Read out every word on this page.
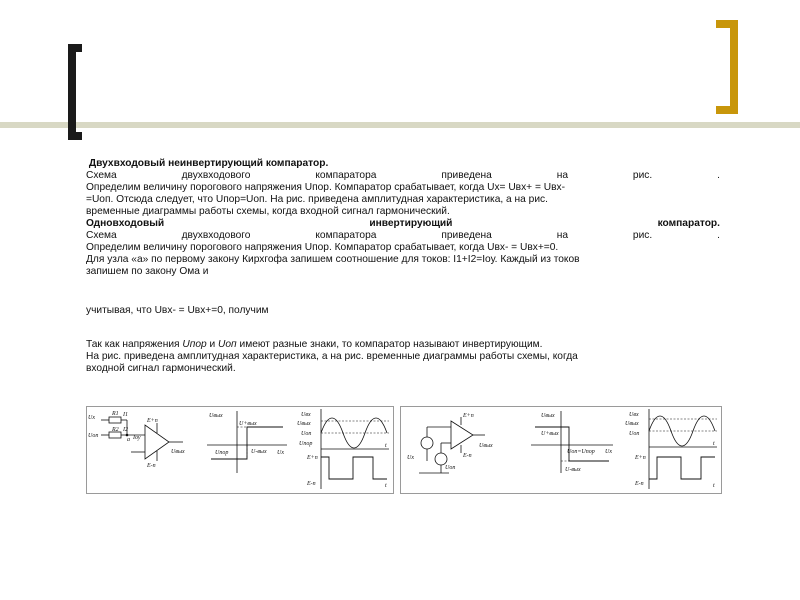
Двухвходовый неинвертирующий компаратор.
Схема	двухвходового	компаратора	приведена	на	рис.	.
Определим величину порогового напряжения Uпор. Компаратор срабатывает, когда Uх= Uвх+ = Uвх-
=Uоп. Отсюда следует, что Uпор=Uоп. На рис. приведена амплитудная характеристика, а на рис.
временные диаграммы работы схемы, когда входной сигнал гармонический.
Одновходовый	инвертирующий	компаратор.
Схема	двухвходового	компаратора	приведена	на	рис.	.
Определим величину порогового напряжения Uпор. Компаратор срабатывает, когда Uвх- = Uвх+=0.
Для узла «а» по первому закону Кирхгофа запишем соотношение для токов: I1+I2=Iоу. Каждый из токов
запишем по закону Ома и
учитывая, что Uвх- = Uвх+=0, получим
Так как напряжения Uпор и Uоп имеют разные знаки, то компаратор называют инвертирующим.
На рис. приведена амплитудная характеристика, а на рис. временные диаграммы работы схемы, когда
входной сигнал гармонический.
Ux
R1 I1
Uоп
R2 I2
Iоу
a
E+п
E-п
Uвых
Uвых
U+вых
Uпор	U-вых Ux
Uвх
Uвых
Uоп
Uпор
E+п
E-п
t
t
E+п
E-п
Ux
Uоп
Uвых
Uвых
U+вых
Uоп=Uпор
U-вых
Ux
Uвх
Uвых
Uоп
E+п
E-п
t
t
